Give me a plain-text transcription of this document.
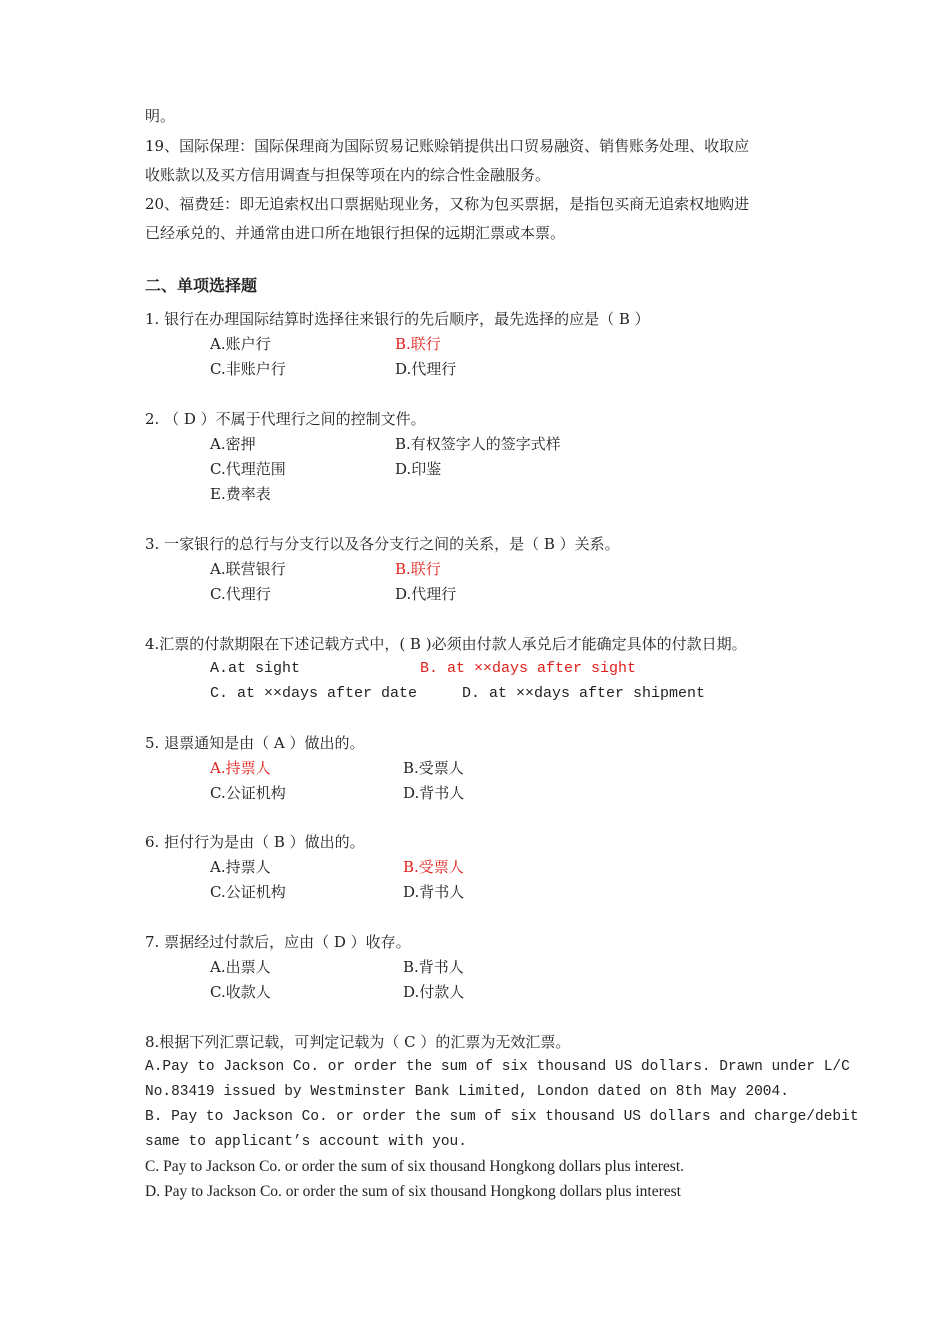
明。
19、国际保理：国际保理商为国际贸易记账赊销提供出口贸易融资、销售账务处理、收取应
收账款以及买方信用调查与担保等项在内的综合性金融服务。
20、福费廷：即无追索权出口票据贴现业务，又称为包买票据，是指包买商无追索权地购进
已经承兑的、并通常由进口所在地银行担保的远期汇票或本票。
二、单项选择题
1. 银行在办理国际结算时选择往来银行的先后顺序，最先选择的应是（ B ）
A.账户行	B.联行
C.非账户行	D.代理行
2. （ D ）不属于代理行之间的控制文件。
A.密押	B.有权签字人的签字式样
C.代理范围	D.印鉴
E.费率表
3. 一家银行的总行与分支行以及各分支行之间的关系，是（ B ）关系。
A.联营银行	B.联行
C.代理行	D.代理行
4.汇票的付款期限在下述记载方式中，( B )必须由付款人承兑后才能确定具体的付款日期。
A.at sight	B. at ××days after sight
C. at ××days after date	D. at ××days after shipment
5. 退票通知是由（ A ）做出的。
A.持票人	B.受票人
C.公证机构	D.背书人
6. 拒付行为是由（ B ）做出的。
A.持票人	B.受票人
C.公证机构	D.背书人
7. 票据经过付款后，应由（ D ）收存。
A.出票人	B.背书人
C.收款人	D.付款人
8.根据下列汇票记载，可判定记载为（ C ）的汇票为无效汇票。
A.Pay to Jackson Co. or order the sum of six thousand US dollars. Drawn under L/C
No.83419 issued by Westminster Bank Limited, London dated on 8th May 2004.
B. Pay to Jackson Co. or order the sum of six thousand US dollars and charge/debit
same to applicant’s account with you.
C. Pay to Jackson Co. or order the sum of six thousand Hongkong dollars plus interest.
D. Pay to Jackson Co. or order the sum of six thousand Hongkong dollars plus interest
